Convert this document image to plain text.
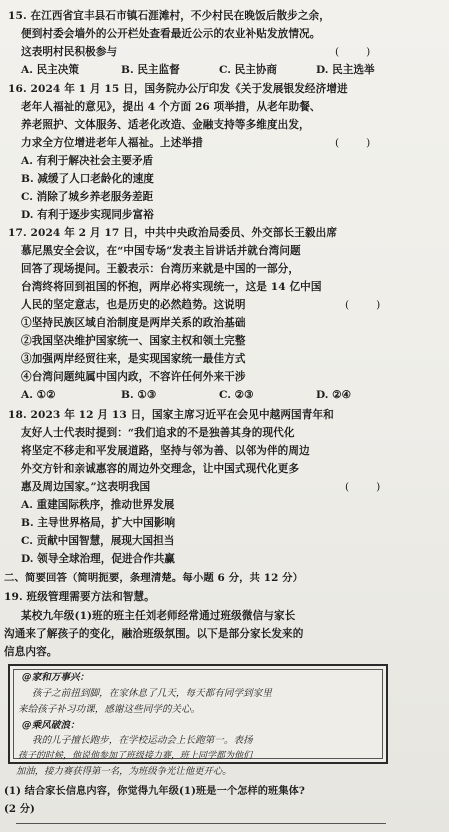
15. 在江西省宜丰县石市镇石涯滩村，不少村民在晚饭后散步之余，
便到村委会墙外的公开栏处查看最近公示的农业补贴发放情况。
这表明村民积极参与	(        )
A. 民主决策	B. 民主监督	C. 民主协商	D. 民主选举
16. 2024 年 1 月 15 日，国务院办公厅印发《关于发展银发经济增进
老年人福祉的意见》，提出 4 个方面 26 项举措，从老年助餐、
养老照护、文体服务、适老化改造、金融支持等多维度出发，
力求全方位增进老年人福祉。上述举措	(        )
A. 有利于解决社会主要矛盾
B. 减缓了人口老龄化的速度
C. 消除了城乡养老服务差距
D. 有利于逐步实现同步富裕
17. 2024 年 2 月 17 日，中共中央政治局委员、外交部长王毅出席
慕尼黑安全会议，在“中国专场”发表主旨讲话并就台湾问题
回答了现场提问。王毅表示：台湾历来就是中国的一部分，
台湾终将回到祖国的怀抱，两岸必将实现统一，这是 14 亿中国
人民的坚定意志，也是历史的必然趋势。这说明	(        )
①坚持民族区域自治制度是两岸关系的政治基础
②我国坚决维护国家统一、国家主权和领土完整
③加强两岸经贸往来，是实现国家统一最佳方式
④台湾问题纯属中国内政，不容许任何外来干涉
A. ①②	B. ①③	C. ②③	D. ②④
18. 2023 年 12 月 13 日，国家主席习近平在会见中越两国青年和
友好人士代表时提到：“我们追求的不是独善其身的现代化
将坚定不移走和平发展道路，坚持与邻为善、以邻为伴的周边
外交方针和亲诚惠容的周边外交理念，让中国式现代化更多
惠及周边国家。”这表明我国	(        )
A. 重建国际秩序，推动世界发展
B. 主导世界格局，扩大中国影响
C. 贡献中国智慧，展现大国担当
D. 领导全球治理，促进合作共赢
二、简要回答（简明扼要，条理清楚。每小题 6 分，共 12 分）
19. 班级管理需要方法和智慧。
某校九年级(1)班的班主任刘老师经常通过班级微信与家长
沟通来了解孩子的变化，融洽班级氛围。以下是部分家长发来的
信息内容。
@家和万事兴：
孩子之前扭到脚，在家休息了几天，每天都有同学到家里
来给孩子补习功课，感谢这些同学的关心。
@乘风破浪：
我的儿子擅长跑步，在学校运动会上长跑第一。表扬
孩子的时候，他说他参加了班级接力赛，班上同学都为他们
加油，接力赛获得第一名，为班级争光让他更开心。
(1) 结合家长信息内容，你觉得九年级(1)班是一个怎样的班集体?
(2 分)
